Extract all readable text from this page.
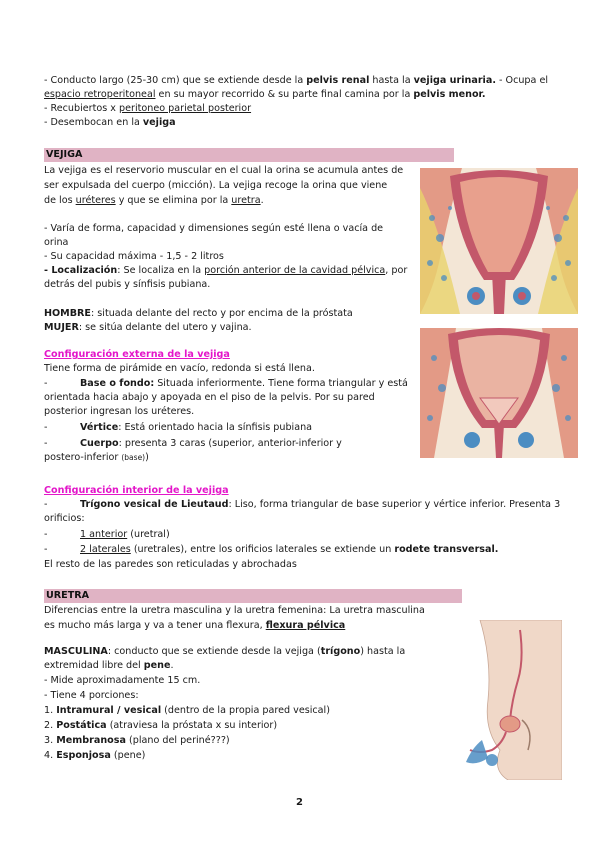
- Conducto largo (25-30 cm) que se extiende desde la pelvis renal hasta la vejiga urinaria. - Ocupa el

espacio retroperitoneal en su mayor recorrido & su parte final camina por la pelvis menor.

- Recubiertos x peritoneo parietal posterior

- Desembocan en la vejiga

VEJIGA

La vejiga es el reservorio muscular en el cual la orina se acumula antes de

ser expulsada del cuerpo (micción). La vejiga recoge la orina que viene

de los uréteres y que se elimina por la uretra.

- Varía de forma, capacidad y dimensiones según esté llena o vacía de

orina

- Su capacidad máxima - 1,5 - 2 litros

- Localización: Se localiza en la porción anterior de la cavidad pélvica, por

detrás del pubis y sínfisis pubiana.

HOMBRE: situada delante del recto y por encima de la próstata

MUJER: se sitúa delante del utero y vajina.

Configuración externa de la vejiga

Tiene forma de pirámide en vacío, redonda si está llena.

-	Base o fondo: Situada inferiormente. Tiene forma triangular y está

orientada hacia abajo y apoyada en el piso de la pelvis. Por su pared

posterior ingresan los uréteres.

-	Vértice: Está orientado hacia la sínfisis pubiana

-	Cuerpo: presenta 3 caras (superior, anterior-inferior y

postero-inferior (base))

Configuración interior de la vejiga

-	Trígono vesical de Lieutaud: Liso, forma triangular de base superior y vértice inferior. Presenta 3

orificios:

-	1 anterior (uretral)

-	2 laterales (uretrales), entre los orificios laterales se extiende un rodete transversal.

El resto de las paredes son reticuladas y abrochadas

URETRA

Diferencias entre la uretra masculina y la uretra femenina: La uretra masculina

es mucho más larga y va a tener una flexura, flexura pélvica

MASCULINA: conducto que se extiende desde la vejiga (trígono) hasta la

extremidad libre del pene.

- Mide aproximadamente 15 cm.

- Tiene 4 porciones:

1. Intramural / vesical (dentro de la propia pared vesical)

2. Postática (atraviesa la próstata x su interior)

3. Membranosa (plano del periné???)

4. Esponjosa (pene)

2
